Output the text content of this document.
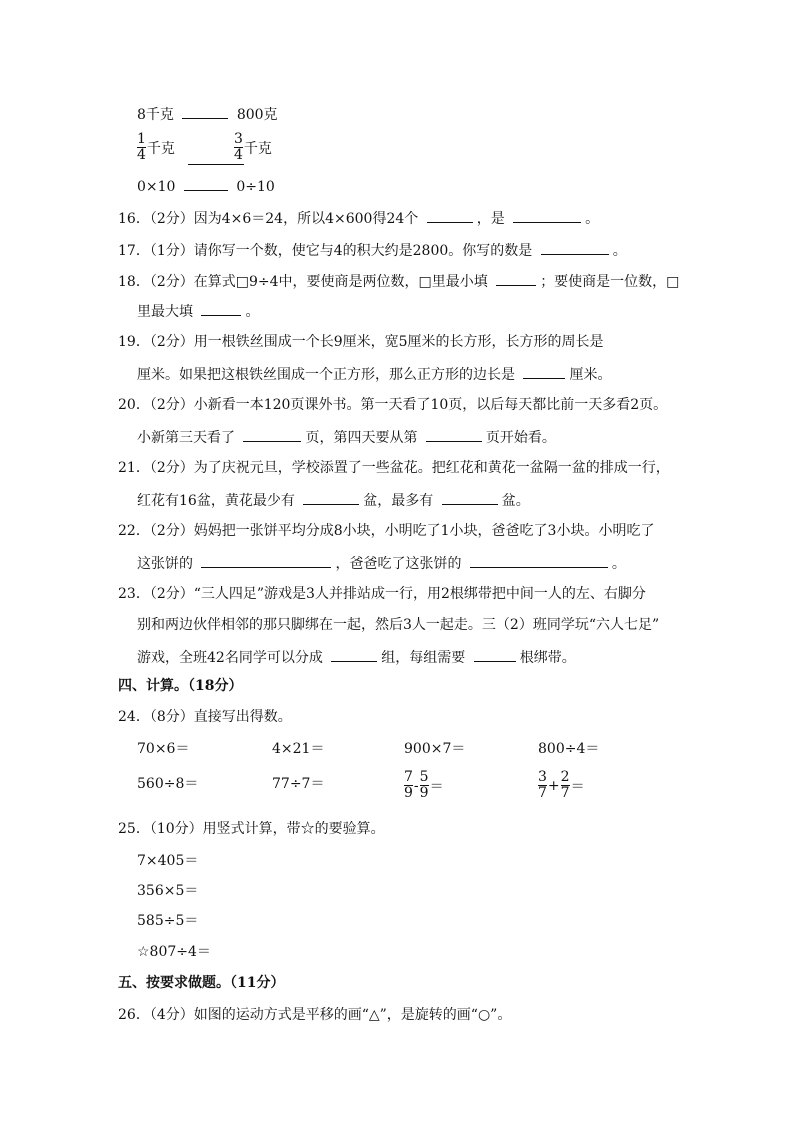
8千克	800克
$\frac{1}{4}$ 千克	$\frac{3}{4}$ 千克
0×10	0÷10
16．（2分）因为4×6＝24，所以4×600得24个	，是	。
17．（1分）请你写一个数，使它与4的积大约是2800。你写的数是	。
18．（2分）在算式□9÷4中，要使商是两位数，□里最小填	；要使商是一位数，□
里最大填	。
19．（2分）用一根铁丝围成一个长9厘米，宽5厘米的长方形，长方形的周长是
厘米。如果把这根铁丝围成一个正方形，那么正方形的边长是	厘米。
20．（2分）小新看一本120页课外书。第一天看了10页，以后每天都比前一天多看2页。
小新第三天看了	页，第四天要从第	页开始看。
21．（2分）为了庆祝元旦，学校添置了一些盆花。把红花和黄花一盆隔一盆的排成一行，
红花有16盆，黄花最少有	盆，最多有	盆。
22．（2分）妈妈把一张饼平均分成8小块，小明吃了1小块，爸爸吃了3小块。小明吃了
这张饼的	，爸爸吃了这张饼的	。
23．（2分）“三人四足”游戏是3人并排站成一行，用2根绑带把中间一人的左、右脚分
别和两边伙伴相邻的那只脚绑在一起，然后3人一起走。三（2）班同学玩“六人七足”
游戏，全班42名同学可以分成	组，每组需要	根绑带。
四、计算。（18分）
24．（8分）直接写出得数。
70×6＝	4×21＝	900×7＝	800÷4＝
560÷8＝	77÷7＝	$\frac{7}{9} - \frac{5}{9}$ ＝	$\frac{3}{7} + \frac{2}{7}$ ＝
25．（10分）用竖式计算，带☆的要验算。
7×405＝
356×5＝
585÷5＝
☆807÷4＝
五、按要求做题。（11分）
26．（4分）如图的运动方式是平移的画“△”，是旋转的画“○”。
